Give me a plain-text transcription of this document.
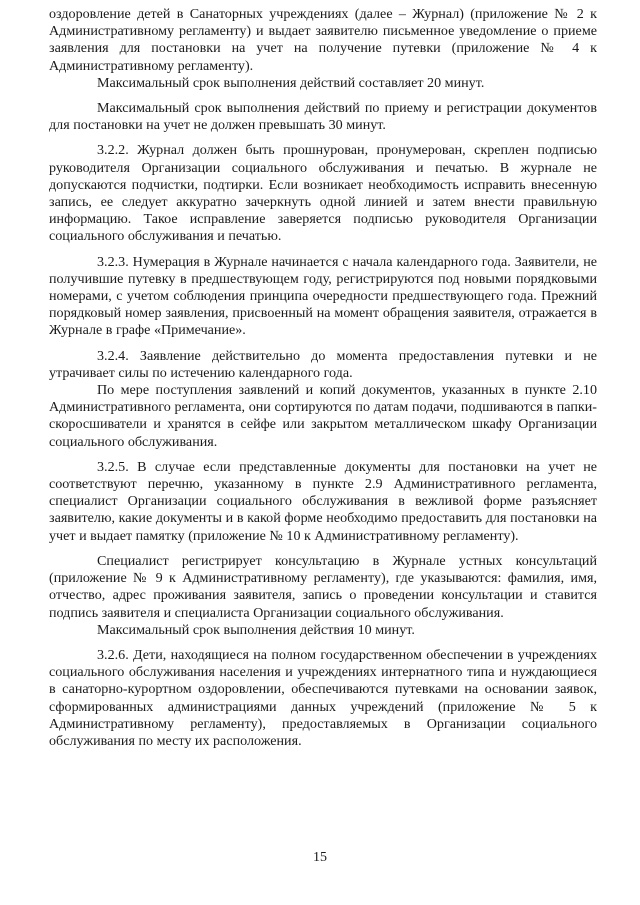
оздоровление детей в Санаторных учреждениях (далее – Журнал) (приложение № 2 к Административному регламенту) и выдает заявителю письменное уведомление о приеме заявления для постановки на учет на получение путевки (приложение № 4 к Административному регламенту).

Максимальный срок выполнения действий составляет 20 минут.

Максимальный срок выполнения действий по приему и регистрации документов для постановки на учет не должен превышать 30 минут.

3.2.2. Журнал должен быть прошнурован, пронумерован, скреплен подписью руководителя Организации социального обслуживания и печатью. В журнале не допускаются подчистки, подтирки. Если возникает необходимость исправить внесенную запись, ее следует аккуратно зачеркнуть одной линией и затем внести правильную информацию. Такое исправление заверяется подписью руководителя Организации социального обслуживания и печатью.

3.2.3. Нумерация в Журнале начинается с начала календарного года. Заявители, не получившие путевку в предшествующем году, регистрируются под новыми порядковыми номерами, с учетом соблюдения принципа очередности предшествующего года. Прежний порядковый номер заявления, присвоенный на момент обращения заявителя, отражается в Журнале в графе «Примечание».

3.2.4. Заявление действительно до момента предоставления путевки и не утрачивает силы по истечению календарного года.

По мере поступления заявлений и копий документов, указанных в пункте 2.10 Административного регламента, они сортируются по датам подачи, подшиваются в папки-скоросшиватели и хранятся в сейфе или закрытом металлическом шкафу Организации социального обслуживания.

3.2.5. В случае если представленные документы для постановки на учет не соответствуют перечню, указанному в пункте 2.9 Административного регламента, специалист Организации социального обслуживания в вежливой форме разъясняет заявителю, какие документы и в какой форме необходимо предоставить для постановки на учет и выдает памятку (приложение № 10 к Административному регламенту).

Специалист регистрирует консультацию в Журнале устных консультаций (приложение № 9 к Административному регламенту), где указываются: фамилия, имя, отчество, адрес проживания заявителя, запись о проведении консультации и ставится подпись заявителя и специалиста Организации социального обслуживания.

Максимальный срок выполнения действия 10 минут.

3.2.6. Дети, находящиеся на полном государственном обеспечении в учреждениях социального обслуживания населения и учреждениях интернатного типа и нуждающиеся в санаторно-курортном оздоровлении, обеспечиваются путевками на основании заявок, сформированных администрациями данных учреждений (приложение № 5 к Административному регламенту), предоставляемых в Организации социального обслуживания по месту их расположения.

15
